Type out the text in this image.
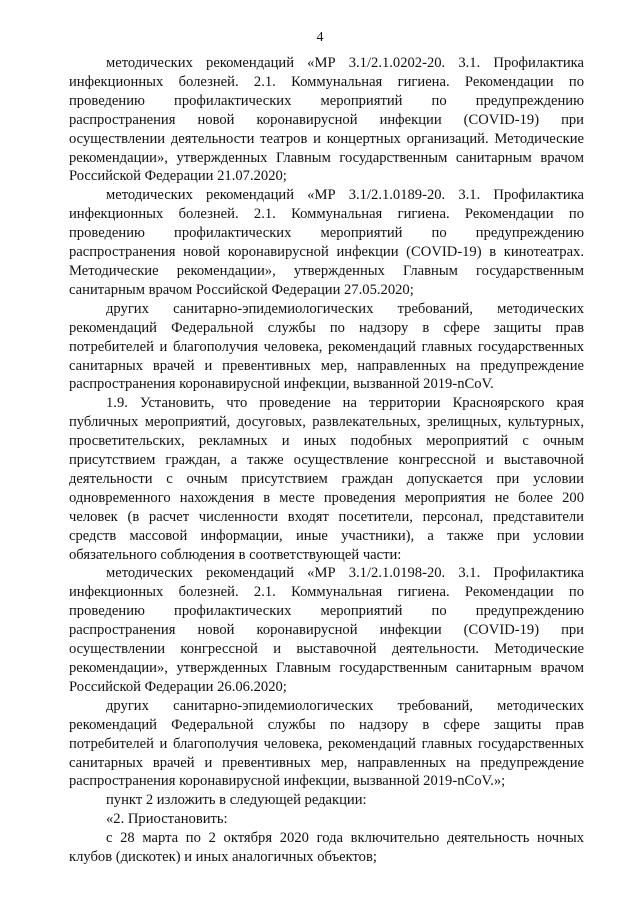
4

методических рекомендаций «МР 3.1/2.1.0202-20. 3.1. Профилактика инфекционных болезней. 2.1. Коммунальная гигиена. Рекомендации по проведению профилактических мероприятий по предупреждению распространения новой коронавирусной инфекции (COVID-19) при осуществлении деятельности театров и концертных организаций. Методические рекомендации», утвержденных Главным государственным санитарным врачом Российской Федерации 21.07.2020;

методических рекомендаций «МР 3.1/2.1.0189-20. 3.1. Профилактика инфекционных болезней. 2.1. Коммунальная гигиена. Рекомендации по проведению профилактических мероприятий по предупреждению распространения новой коронавирусной инфекции (COVID-19) в кинотеатрах. Методические рекомендации», утвержденных Главным государственным санитарным врачом Российской Федерации 27.05.2020;

других санитарно-эпидемиологических требований, методических рекомендаций Федеральной службы по надзору в сфере защиты прав потребителей и благополучия человека, рекомендаций главных государственных санитарных врачей и превентивных мер, направленных на предупреждение распространения коронавирусной инфекции, вызванной 2019-nCoV.

1.9. Установить, что проведение на территории Красноярского края публичных мероприятий, досуговых, развлекательных, зрелищных, культурных, просветительских, рекламных и иных подобных мероприятий с очным присутствием граждан, а также осуществление конгрессной и выставочной деятельности с очным присутствием граждан допускается при условии одновременного нахождения в месте проведения мероприятия не более 200 человек (в расчет численности входят посетители, персонал, представители средств массовой информации, иные участники), а также при условии обязательного соблюдения в соответствующей части:

методических рекомендаций «МР 3.1/2.1.0198-20. 3.1. Профилактика инфекционных болезней. 2.1. Коммунальная гигиена. Рекомендации по проведению профилактических мероприятий по предупреждению распространения новой коронавирусной инфекции (COVID-19) при осуществлении конгрессной и выставочной деятельности. Методические рекомендации», утвержденных Главным государственным санитарным врачом Российской Федерации 26.06.2020;

других санитарно-эпидемиологических требований, методических рекомендаций Федеральной службы по надзору в сфере защиты прав потребителей и благополучия человека, рекомендаций главных государственных санитарных врачей и превентивных мер, направленных на предупреждение распространения коронавирусной инфекции, вызванной 2019-nCoV.»;

пункт 2 изложить в следующей редакции:

«2. Приостановить:

с 28 марта по 2 октября 2020 года включительно деятельность ночных клубов (дискотек) и иных аналогичных объектов;
